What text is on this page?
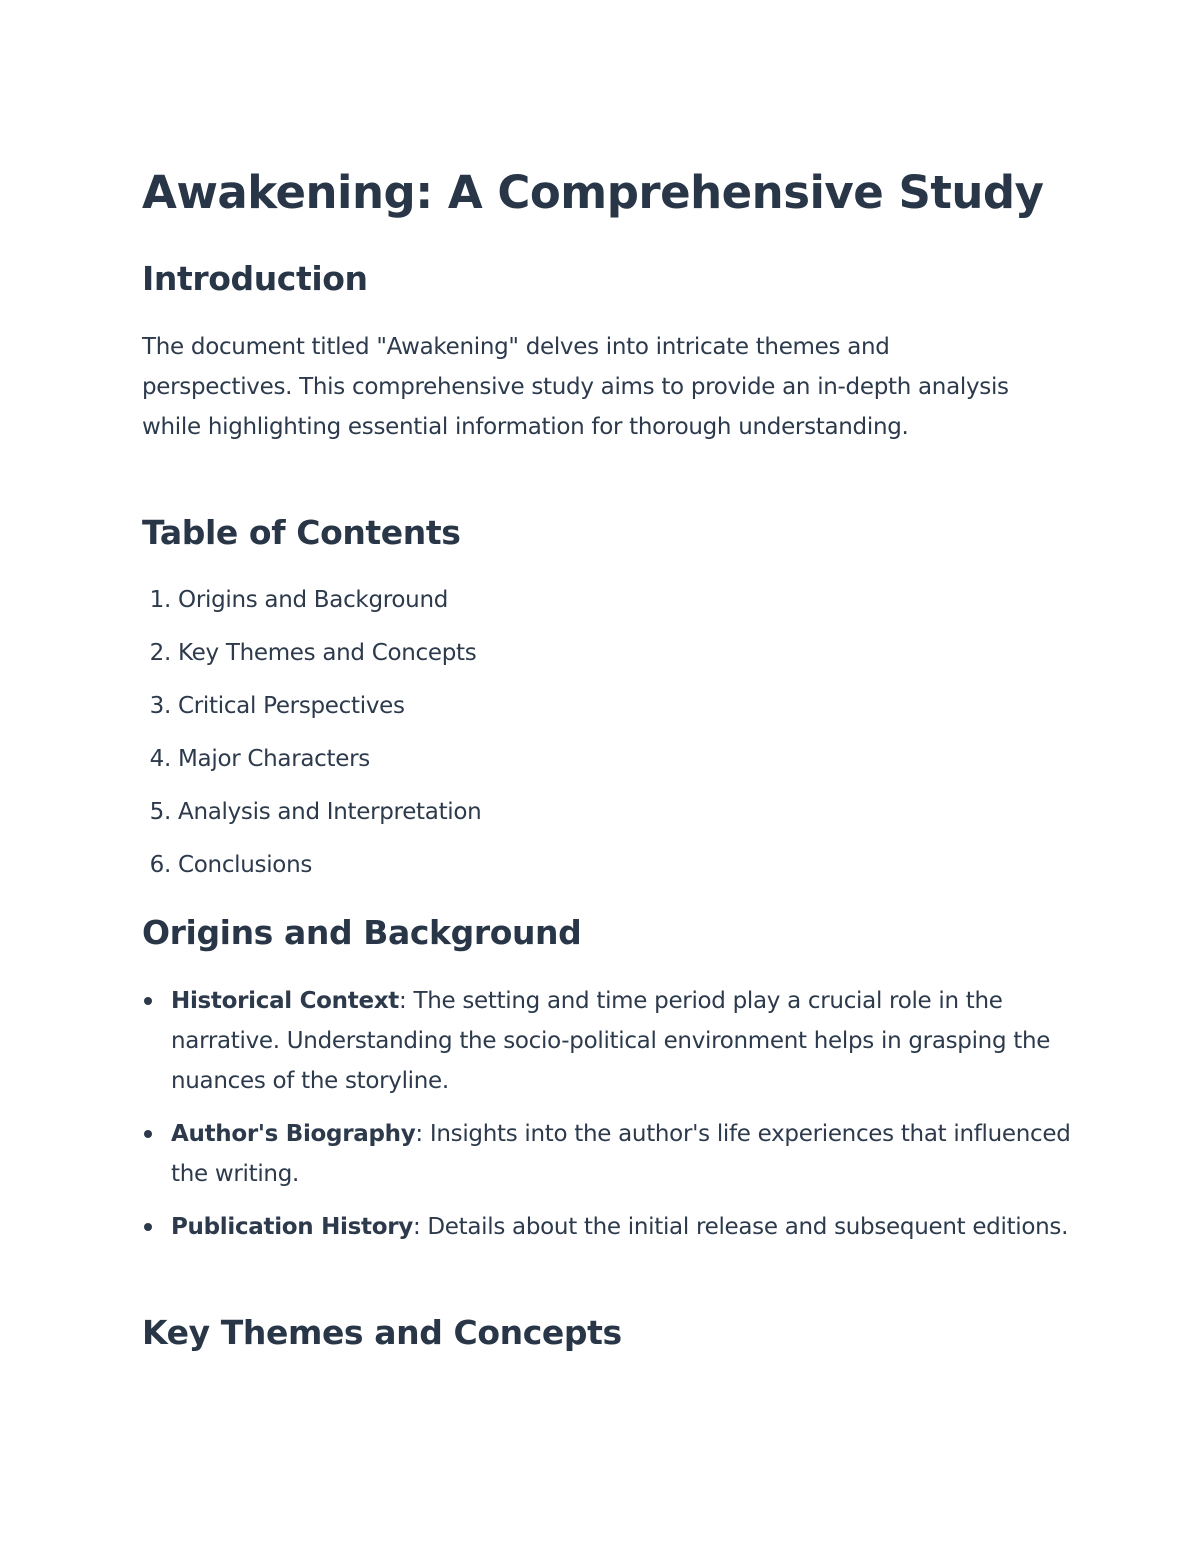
Awakening: A Comprehensive Study
Introduction

The document titled "Awakening" delves into intricate themes and perspectives. This comprehensive study aims to provide an in-depth analysis while highlighting essential information for thorough understanding.

Table of Contents
1. Origins and Background
2. Key Themes and Concepts
3. Critical Perspectives
4. Major Characters
5. Analysis and Interpretation
6. Conclusions
Origins and Background
Historical Context: The setting and time period play a crucial role in the narrative. Understanding the socio-political environment helps in grasping the nuances of the storyline.
Author's Biography: Insights into the author's life experiences that influenced the writing.
Publication History: Details about the initial release and subsequent editions.
Key Themes and Concepts
